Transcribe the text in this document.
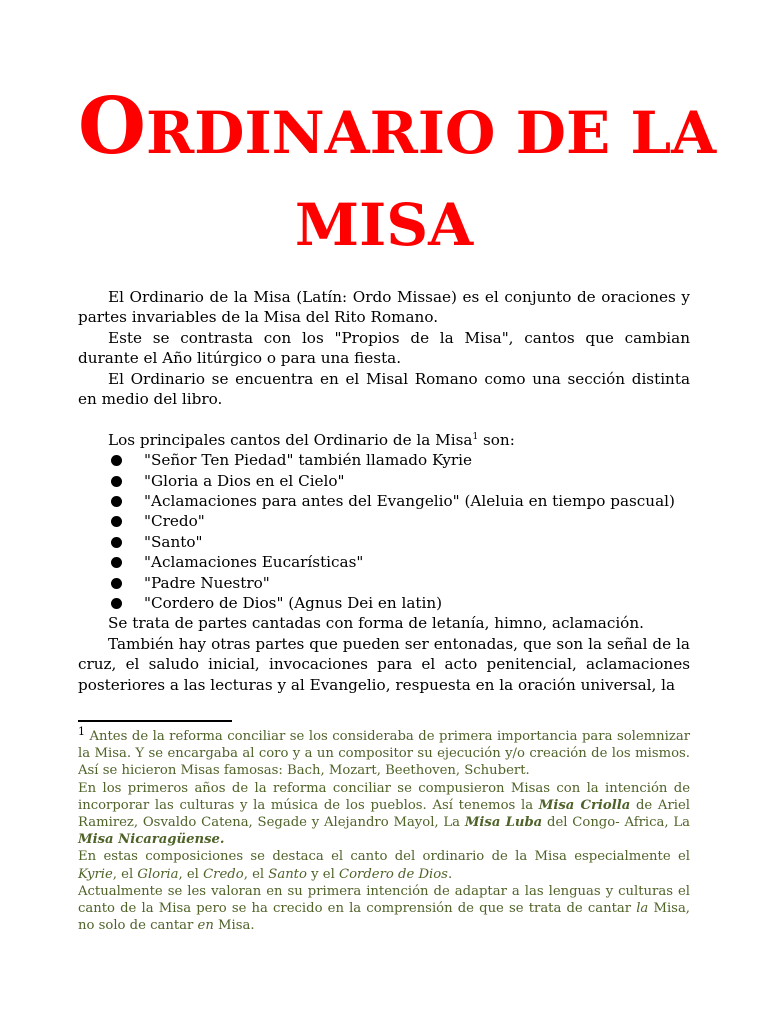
ORDINARIO DE LA
MISA

El Ordinario de la Misa (Latín: Ordo Missae) es el conjunto de oraciones y partes invariables de la Misa del Rito Romano.

Este se contrasta con los "Propios de la Misa", cantos que cambian durante el Año litúrgico o para una fiesta.

El Ordinario se encuentra en el Misal Romano como una sección distinta en medio del libro.

Los principales cantos del Ordinario de la Misa$^1$ son:

"Señor Ten Piedad" también llamado Kyrie
"Gloria a Dios en el Cielo"
"Aclamaciones para antes del Evangelio" (Aleluia en tiempo pascual)
"Credo"
"Santo"
"Aclamaciones Eucarísticas"
"Padre Nuestro"
"Cordero de Dios" (Agnus Dei en latin)

Se trata de partes cantadas con forma de letanía, himno, aclamación.

También hay otras partes que pueden ser entonadas, que son la señal de la cruz, el saludo inicial, invocaciones para el acto penitencial, aclamaciones posteriores a las lecturas y al Evangelio, respuesta en la oración universal, la

$^1$ Antes de la reforma conciliar se los consideraba de primera importancia para solemnizar la Misa. Y se encargaba al coro y a un compositor su ejecución y/o creación de los mismos. Así se hicieron Misas famosas: Bach, Mozart, Beethoven, Schubert.

En los primeros años de la reforma conciliar se compusieron Misas con la intención de incorporar las culturas y la música de los pueblos. Así tenemos la Misa Criolla de Ariel Ramirez, Osvaldo Catena, Segade y Alejandro Mayol, La Misa Luba del Congo- Africa, La Misa Nicaragüense.

En estas composiciones se destaca el canto del ordinario de la Misa especialmente el Kyrie, el Gloria, el Credo, el Santo y el Cordero de Dios.

Actualmente se les valoran en su primera intención de adaptar a las lenguas y culturas el canto de la Misa pero se ha crecido en la comprensión de que se trata de cantar la Misa, no solo de cantar en Misa.
